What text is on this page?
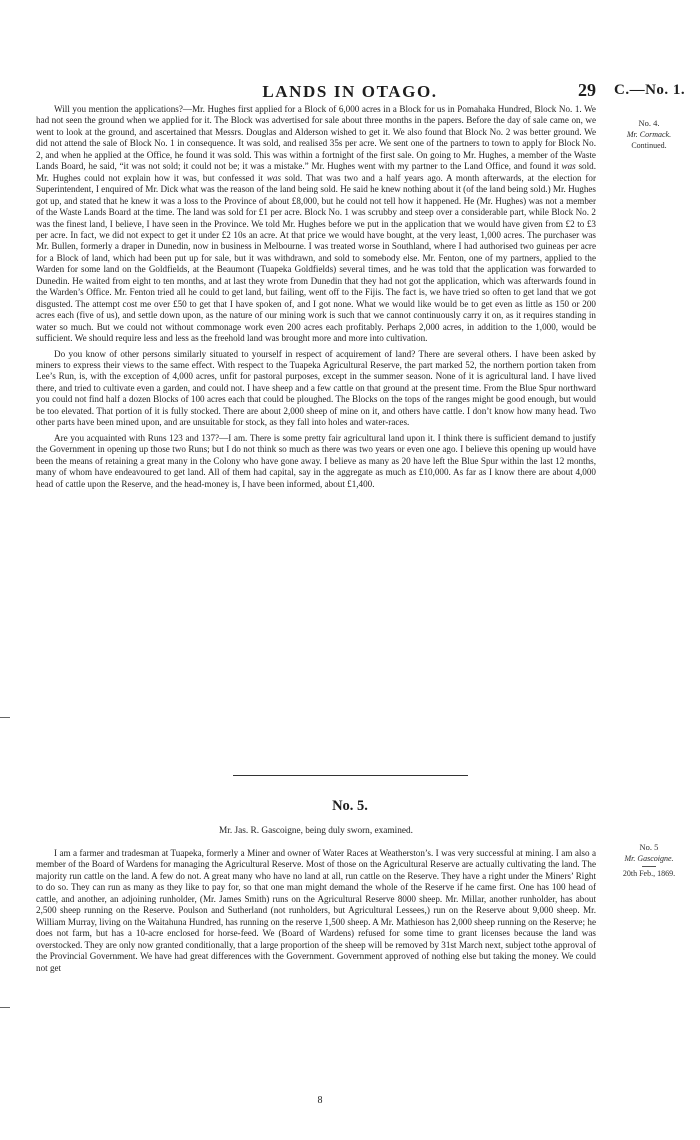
LANDS IN OTAGO.	29 C.—No. 1.
No. 4.
Mr. Cormack.
Continued.

Will you mention the applications?—Mr. Hughes first applied for a Block of 6,000 acres in a Block for us in Pomahaka Hundred, Block No. 1. We had not seen the ground when we applied for it. The Block was advertised for sale about three months in the papers. Before the day of sale came on, we went to look at the ground, and ascertained that Messrs. Douglas and Alderson wished to get it. We also found that Block No. 2 was better ground. We did not attend the sale of Block No. 1 in consequence. It was sold, and realised 35s per acre. We sent one of the partners to town to apply for Block No. 2, and when he applied at the Office, he found it was sold. This was within a fortnight of the first sale. On going to Mr. Hughes, a member of the Waste Lands Board, he said, “it was not sold; it could not be; it was a mistake.” Mr. Hughes went with my partner to the Land Office, and found it was sold. Mr. Hughes could not explain how it was, but confessed it was sold. That was two and a half years ago. A month afterwards, at the election for Superintendent, I enquired of Mr. Dick what was the reason of the land being sold. He said he knew nothing about it (of the land being sold.) Mr. Hughes got up, and stated that he knew it was a loss to the Province of about £8,000, but he could not tell how it happened. He (Mr. Hughes) was not a member of the Waste Lands Board at the time. The land was sold for £1 per acre. Block No. 1 was scrubby and steep over a considerable part, while Block No. 2 was the finest land, I believe, I have seen in the Province. We told Mr. Hughes before we put in the application that we would have given from £2 to £3 per acre. In fact, we did not expect to get it under £2 10s an acre. At that price we would have bought, at the very least, 1,000 acres. The purchaser was Mr. Bullen, formerly a draper in Dunedin, now in business in Melbourne. I was treated worse in Southland, where I had authorised two guineas per acre for a Block of land, which had been put up for sale, but it was withdrawn, and sold to somebody else. Mr. Fenton, one of my partners, applied to the Warden for some land on the Goldfields, at the Beaumont (Tuapeka Goldfields) several times, and he was told that the application was forwarded to Dunedin. He waited from eight to ten months, and at last they wrote from Dunedin that they had not got the application, which was afterwards found in the Warden’s Office. Mr. Fenton tried all he could to get land, but failing, went off to the Fijis. The fact is, we have tried so often to get land that we got disgusted. The attempt cost me over £50 to get that I have spoken of, and I got none. What we would like would be to get even as little as 150 or 200 acres each (five of us), and settle down upon, as the nature of our mining work is such that we cannot continuously carry it on, as it requires standing in water so much. But we could not without commonage work even 200 acres each profitably. Perhaps 2,000 acres, in addition to the 1,000, would be sufficient. We should require less and less as the freehold land was brought more and more into cultivation.

Do you know of other persons similarly situated to yourself in respect of acquirement of land? There are several others. I have been asked by miners to express their views to the same effect. With respect to the Tuapeka Agricultural Reserve, the part marked 52, the northern portion taken from Lee’s Run, is, with the exception of 4,000 acres, unfit for pastoral purposes, except in the summer season. None of it is agricultural land. I have lived there, and tried to cultivate even a garden, and could not. I have sheep and a few cattle on that ground at the present time. From the Blue Spur northward you could not find half a dozen Blocks of 100 acres each that could be ploughed. The Blocks on the tops of the ranges might be good enough, but would be too elevated. That portion of it is fully stocked. There are about 2,000 sheep of mine on it, and others have cattle. I don’t know how many head. Two other parts have been mined upon, and are unsuitable for stock, as they fall into holes and water-races.

Are you acquainted with Runs 123 and 137?—I am. There is some pretty fair agricultural land upon it. I think there is sufficient demand to justify the Government in opening up those two Runs; but I do not think so much as there was two years or even one ago. I believe this opening up would have been the means of retaining a great many in the Colony who have gone away. I believe as many as 20 have left the Blue Spur within the last 12 months, many of whom have endeavoured to get land. All of them had capital, say in the aggregate as much as £10,000. As far as I know there are about 4,000 head of cattle upon the Reserve, and the head-money is, I have been informed, about £1,400.

No. 5.
Mr. Jas. R. Gascoigne, being duly sworn, examined.
No. 5
Mr. Gascoigne.
20th Feb., 1869.

I am a farmer and tradesman at Tuapeka, formerly a Miner and owner of Water Races at Weatherston’s. I was very successful at mining. I am also a member of the Board of Wardens for managing the Agricultural Reserve. Most of those on the Agricultural Reserve are actually cultivating the land. The majority run cattle on the land. A few do not. A great many who have no land at all, run cattle on the Reserve. They have a right under the Miners’ Right to do so. They can run as many as they like to pay for, so that one man might demand the whole of the Reserve if he came first. One has 100 head of cattle, and another, an adjoining runholder, (Mr. James Smith) runs on the Agricultural Reserve 8000 sheep. Mr. Millar, another runholder, has about 2,500 sheep running on the Reserve. Poulson and Sutherland (not runholders, but Agricultural Lessees,) run on the Reserve about 9,000 sheep. Mr. William Murray, living on the Waitahuna Hundred, has running on the reserve 1,500 sheep. A Mr. Mathieson has 2,000 sheep running on the Reserve; he does not farm, but has a 10-acre enclosed for horse-feed. We (Board of Wardens) refused for some time to grant licenses because the land was overstocked. They are only now granted conditionally, that a large proportion of the sheep will be removed by 31st March next, subject tothe approval of the Provincial Government. We have had great differences with the Government. Government approved of nothing else but taking the money. We could not get

8
